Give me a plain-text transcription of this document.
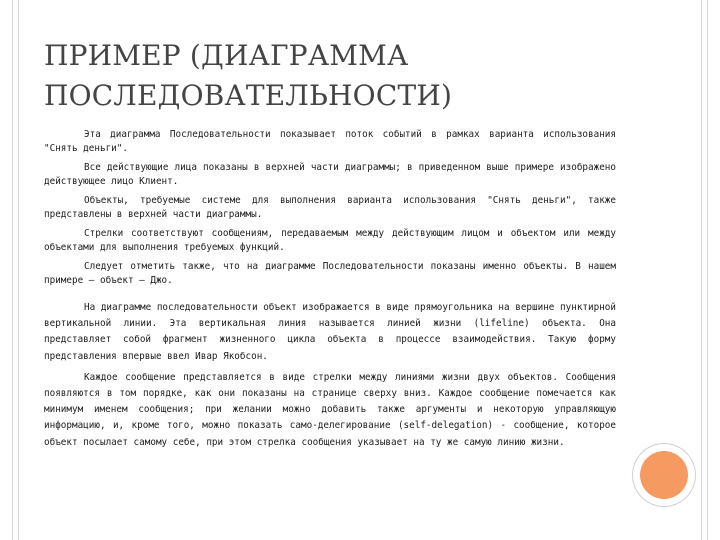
ПРИМЕР (ДИАГРАММА ПОСЛЕДОВАТЕЛЬНОСТИ)

Эта диаграмма Последовательности показывает поток событий в рамках варианта использования "Снять деньги".

Все действующие лица показаны в верхней части диаграммы; в приведенном выше примере изображено действующее лицо Клиент.

Объекты, требуемые системе для выполнения варианта использования "Снять деньги", также представлены в верхней части диаграммы.

Стрелки соответствуют сообщениям, передаваемым между действующим лицом и объектом или между объектами для выполнения требуемых функций.

Следует отметить также, что на диаграмме Последовательности показаны именно объекты. В нашем примере – объект – Джо.

На диаграмме последовательности объект изображается в виде прямоугольника на вершине пунктирной вертикальной линии. Эта вертикальная линия называется линией жизни (lifeline) объекта. Она представляет собой фрагмент жизненного цикла объекта в процессе взаимодействия. Такую форму представления впервые ввел Ивар Якобсон.

Каждое сообщение представляется в виде стрелки между линиями жизни двух объектов. Сообщения появляются в том порядке, как они показаны на странице сверху вниз. Каждое сообщение помечается как минимум именем сообщения; при желании можно добавить также аргументы и некоторую управляющую информацию, и, кроме того, можно показать само-делегирование (self-delegation) - сообщение, которое объект посылает самому себе, при этом стрелка сообщения указывает на ту же самую линию жизни.
